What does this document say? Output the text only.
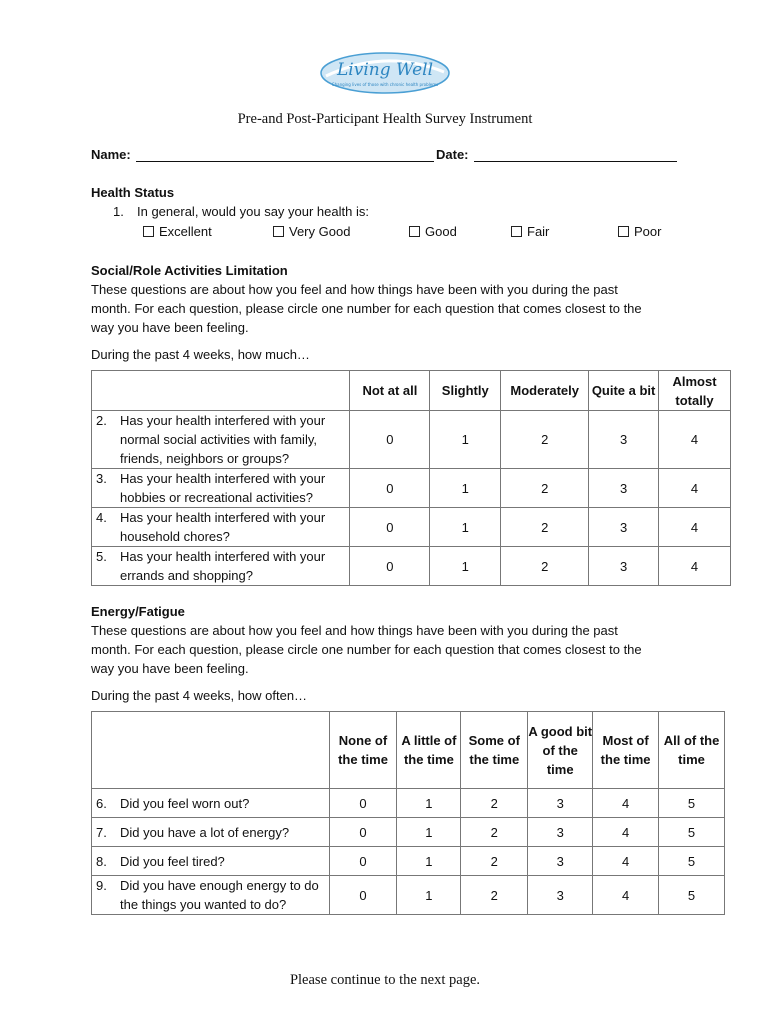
Living Well
Changing lives of those with chronic health problems
Pre-and Post-Participant Health Survey Instrument
Name:	Date:
Health Status
1. In general, would you say your health is:
Excellent	Very Good	Good	Fair	Poor
Social/Role Activities Limitation
These questions are about how you feel and how things have been with you during the past
month. For each question, please circle one number for each question that comes closest to the
way you have been feeling.
During the past 4 weeks, how much…
	Not at all	Slightly	Moderately	Quite a bit	Almost totally

2. Has your health interfered with your normal social activities with family, friends, neighbors or groups?	0	1	2	3	4

3. Has your health interfered with your hobbies or recreational activities?	0	1	2	3	4

4. Has your health interfered with your household chores?	0	1	2	3	4

5. Has your health interfered with your errands and shopping?	0	1	2	3	4
Energy/Fatigue
These questions are about how you feel and how things have been with you during the past
month. For each question, please circle one number for each question that comes closest to the
way you have been feeling.
During the past 4 weeks, how often…
	None of the time	A little of the time	Some of the time	A good bit of the time	Most of the time	All of the time

6. Did you feel worn out?	0	1	2	3	4	5

7. Did you have a lot of energy?	0	1	2	3	4	5

8. Did you feel tired?	0	1	2	3	4	5

9. Did you have enough energy to do the things you wanted to do?	0	1	2	3	4	5
Please continue to the next page.
